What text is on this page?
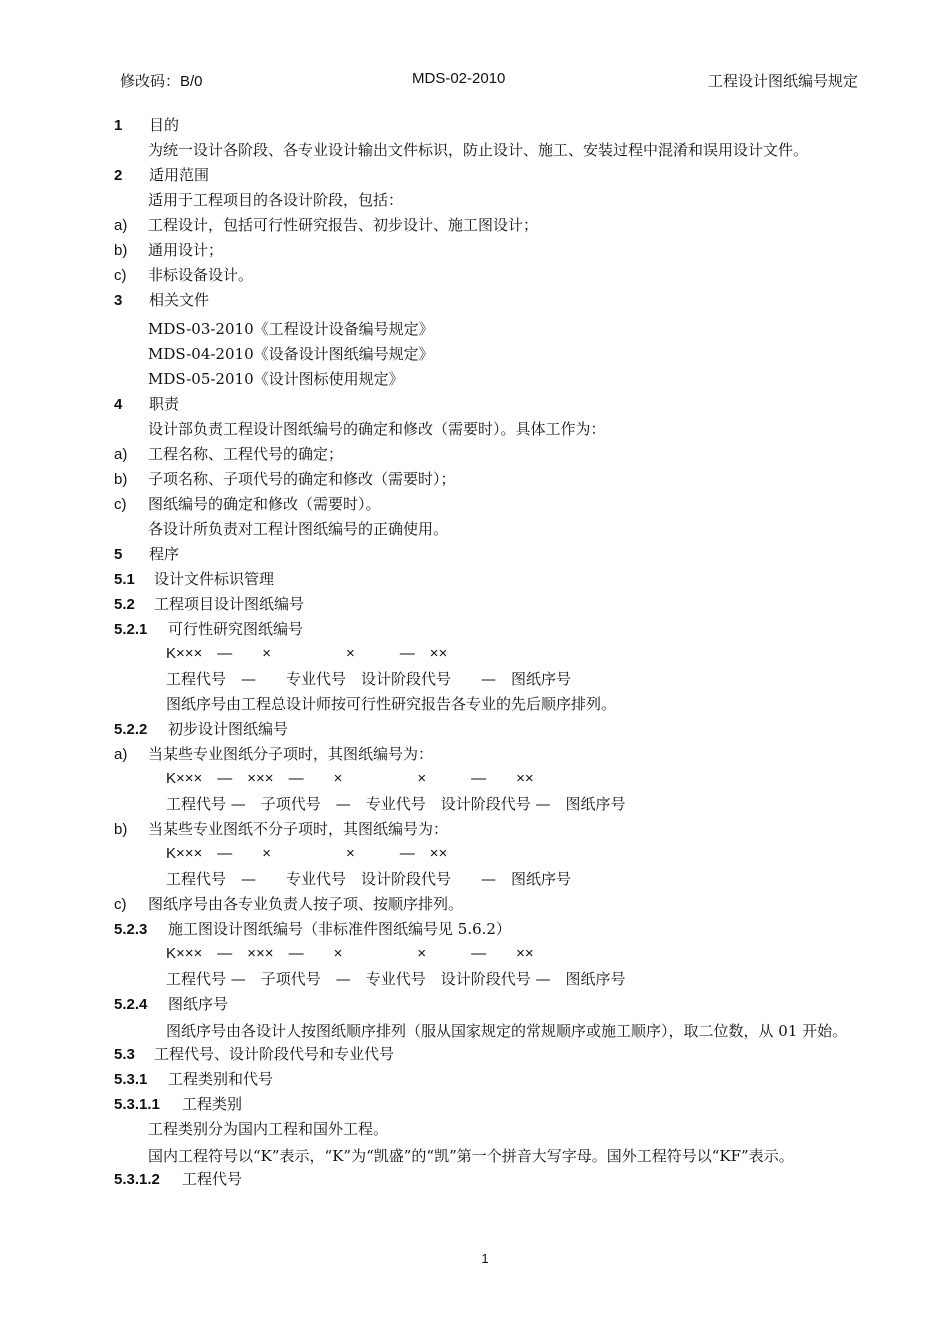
修改码：B/0	MDS-02-2010	工程设计图纸编号规定
1 目的
为统一设计各阶段、各专业设计输出文件标识，防止设计、施工、安装过程中混淆和误用设计文件。
2 适用范围
适用于工程项目的各设计阶段，包括：
a) 工程设计，包括可行性研究报告、初步设计、施工图设计；
b) 通用设计；
c) 非标设备设计。
3 相关文件
MDS-03-2010《工程设计设备编号规定》
MDS-04-2010《设备设计图纸编号规定》
MDS-05-2010《设计图标使用规定》
4 职责
设计部负责工程设计图纸编号的确定和修改（需要时）。具体工作为：
a) 工程名称、工程代号的确定；
b) 子项名称、子项代号的确定和修改（需要时）；
c) 图纸编号的确定和修改（需要时）。
各设计所负责对工程计图纸编号的正确使用。
5 程序
5.1 设计文件标识管理
5.2 工程项目设计图纸编号
5.2.1 可行性研究图纸编号
K×××　—　　×　　　　　×　　　—　××
工程代号　—　　专业代号　设计阶段代号　　—　图纸序号
图纸序号由工程总设计师按可行性研究报告各专业的先后顺序排列。
5.2.2 初步设计图纸编号
a) 当某些专业图纸分子项时，其图纸编号为：
K×××　—　×××　—　　×　　　　　×　　　—　　××
工程代号 —　子项代号　—　专业代号　设计阶段代号 —　图纸序号
b) 当某些专业图纸不分子项时，其图纸编号为：
K×××　—　　×　　　　　×　　　—　××
工程代号　—　　专业代号　设计阶段代号　　—　图纸序号
c) 图纸序号由各专业负责人按子项、按顺序排列。
5.2.3 施工图设计图纸编号（非标准件图纸编号见 5.6.2）
K×××　—　×××　—　　×　　　　　×　　　—　　××
工程代号 —　子项代号　—　专业代号　设计阶段代号 —　图纸序号
5.2.4 图纸序号
图纸序号由各设计人按图纸顺序排列（服从国家规定的常规顺序或施工顺序），取二位数，从 01 开始。
5.3 工程代号、设计阶段代号和专业代号
5.3.1 工程类别和代号
5.3.1.1 工程类别
工程类别分为国内工程和国外工程。
国内工程符号以“K”表示，“K”为“凯盛”的“凯”第一个拼音大写字母。国外工程符号以“KF”表示。
5.3.1.2 工程代号
1
